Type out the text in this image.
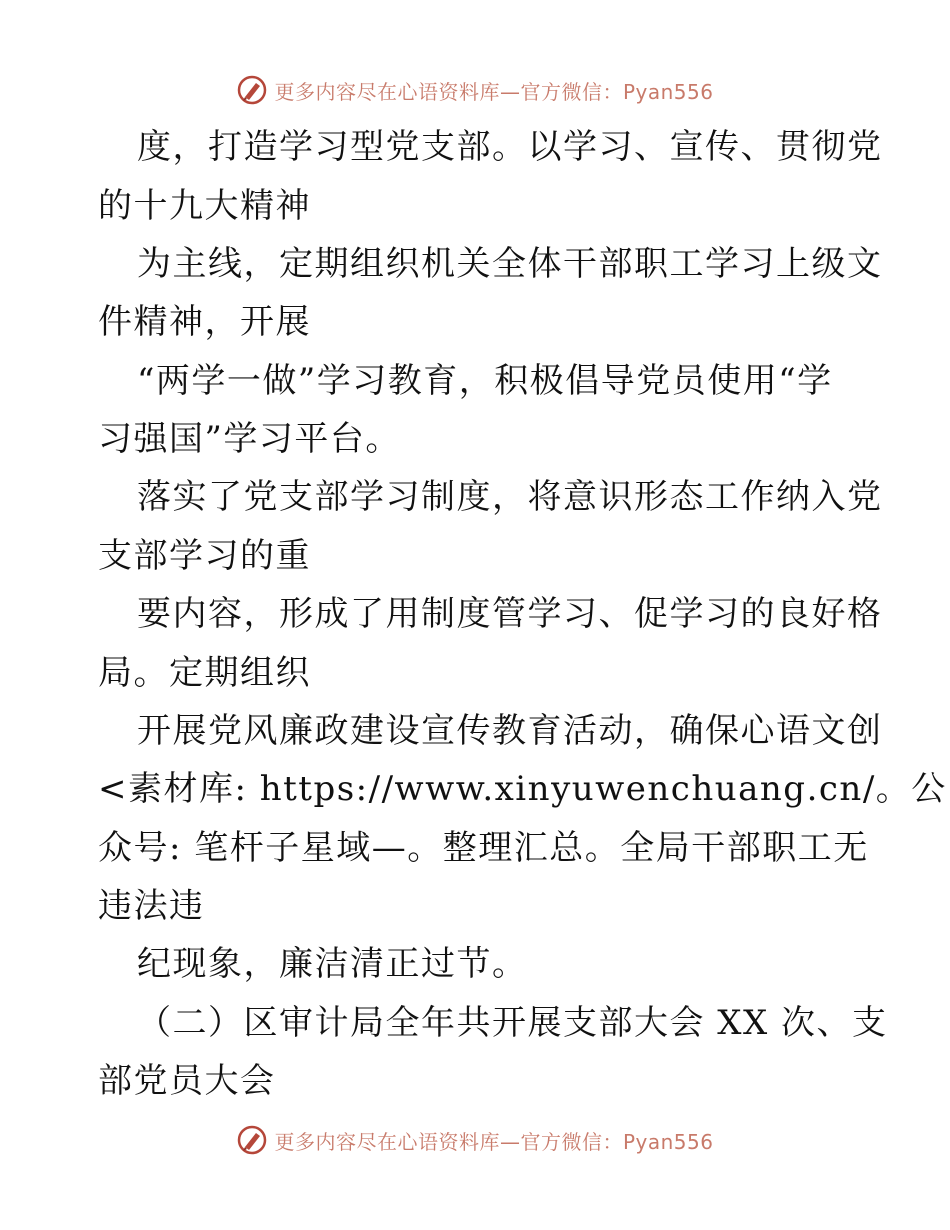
更多内容尽在心语资料库—官方微信：Pyan556
度，打造学习型党支部。以学习、宣传、贯彻党
的十九大精神
为主线，定期组织机关全体干部职工学习上级文
件精神，开展
“两学一做”学习教育，积极倡导党员使用“学
习强国”学习平台。
落实了党支部学习制度，将意识形态工作纳入党
支部学习的重
要内容，形成了用制度管学习、促学习的良好格
局。定期组织
开展党风廉政建设宣传教育活动，确保心语文创
<素材库: https://www.xinyuwenchuang.cn/。公
众号: 笔杆子星域—。整理汇总。全局干部职工无
违法违
纪现象，廉洁清正过节。
（二）区审计局全年共开展支部大会 XX 次、支
部党员大会
更多内容尽在心语资料库—官方微信：Pyan556
